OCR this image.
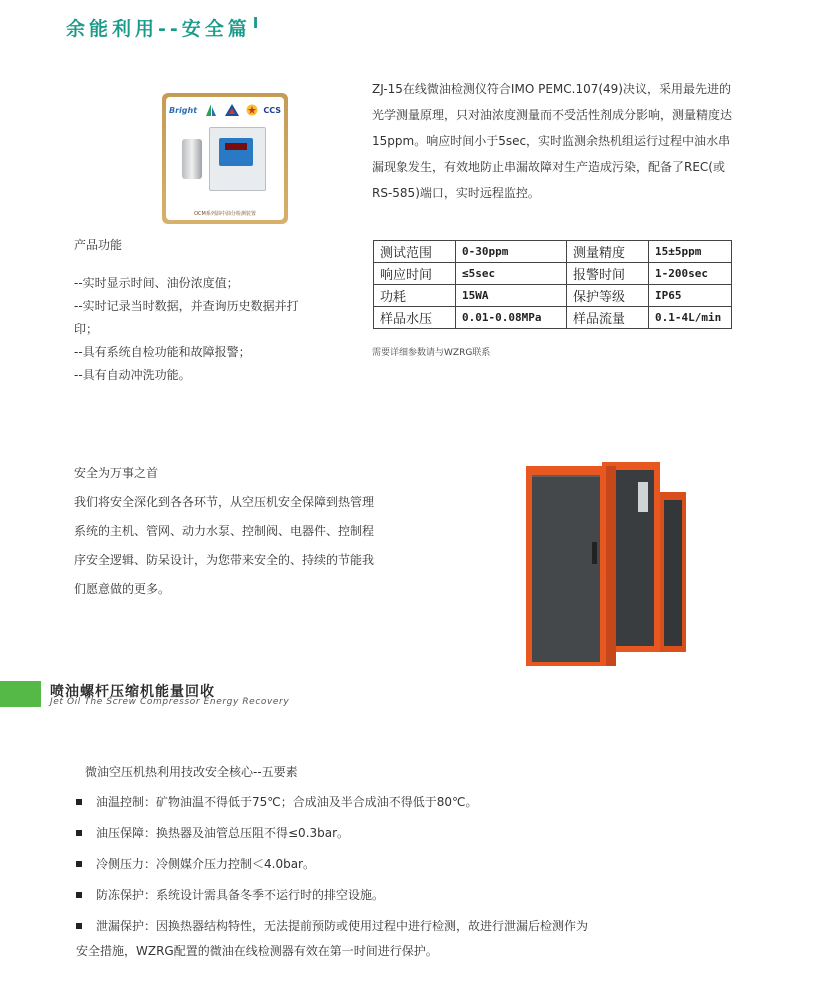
余能利用--安全篇 $^I$
Bright	CCS
OCM系列油中油分检测装置
ZJ-15在线微油检测仪符合IMO PEMC.107(49)决议，采用最先进的光学测量原理，只对油浓度测量而不受活性剂成分影响，测量精度达15ppm。响应时间小于5sec，实时监测余热机组运行过程中油水串漏现象发生，有效地防止串漏故障对生产造成污染，配备了REC(或RS-585)端口，实时远程监控。
产品功能
--实时显示时间、油份浓度值；
--实时记录当时数据，并查询历史数据并打印；
--具有系统自检功能和故障报警；
--具有自动冲洗功能。
测试范围	0-30ppm	测量精度	15±5ppm
响应时间	≤5sec	报警时间	1-200sec
功耗	15WA	保护等级	IP65
样品水压	0.01-0.08MPa	样品流量	0.1-4L/min
需要详细参数请与WZRG联系
安全为万事之首
我们将安全深化到各各环节，从空压机安全保障到热管理系统的主机、管网、动力水泵、控制阀、电器件、控制程序安全逻辑、防呆设计，为您带来安全的、持续的节能我们愿意做的更多。
喷油螺杆压缩机能量回收
Jet Oil The Screw Compressor Energy Recovery
微油空压机热利用技改安全核心--五要素
油温控制：矿物油温不得低于75℃；合成油及半合成油不得低于80℃。
油压保障：换热器及油管总压阻不得≤0.3bar。
冷侧压力：冷侧媒介压力控制＜4.0bar。
防冻保护：系统设计需具备冬季不运行时的排空设施。
泄漏保护：因换热器结构特性，无法提前预防或使用过程中进行检测，故进行泄漏后检测作为
安全措施，WZRG配置的微油在线检测器有效在第一时间进行保护。
